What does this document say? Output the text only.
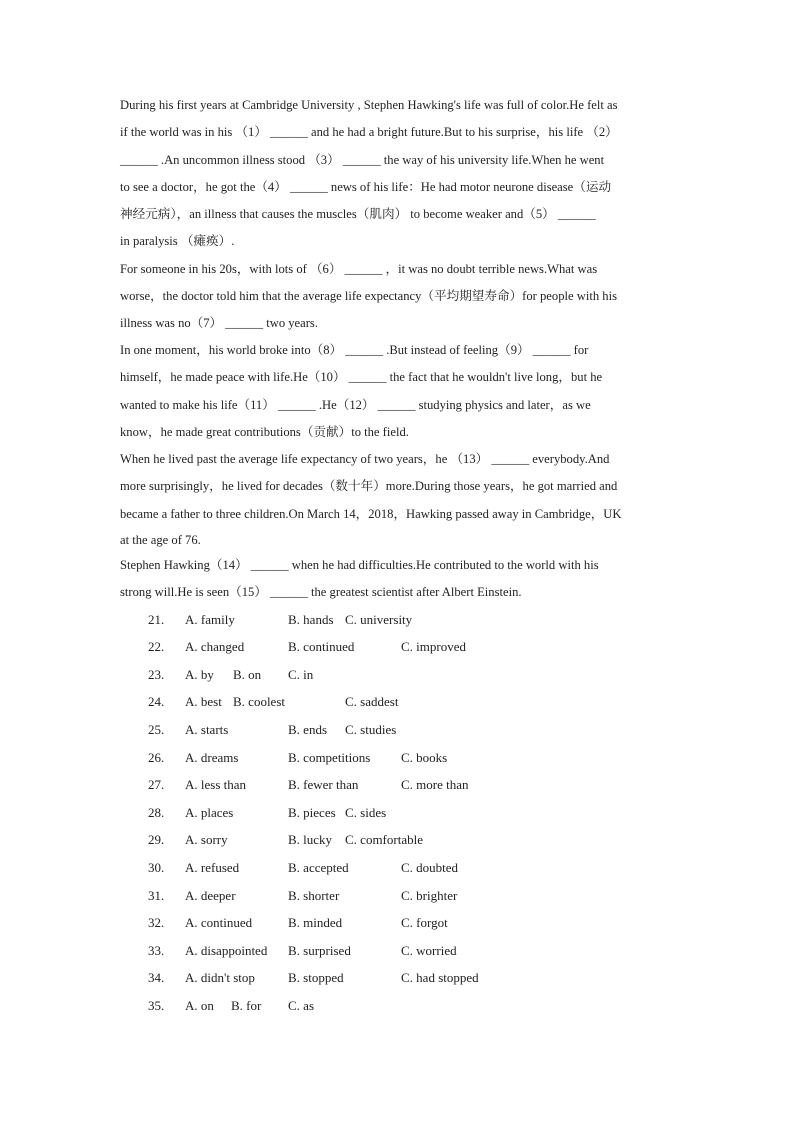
During his first years at Cambridge University , Stephen Hawking's life was full of color.He felt as
if the world was in his （1） ______ and he had a bright future.But to his surprise，his life （2）
______ .An uncommon illness stood （3） ______ the way of his university life.When he went
to see a doctor，he got the（4） ______ news of his life：He had motor neurone disease（运动
神经元病），an illness that causes the muscles（肌肉） to become weaker and（5） ______
in paralysis （瘫痪）.
For someone in his 20s，with lots of （6） ______ ，it was no doubt terrible news.What was
worse，the doctor told him that the average life expectancy（平均期望寿命）for people with his
illness was no（7） ______ two years.
In one moment，his world broke into（8） ______ .But instead of feeling（9） ______ for
himself，he made peace with life.He（10） ______ the fact that he wouldn't live long，but he
wanted to make his life（11） ______ .He（12） ______ studying physics and later，as we
know，he made great contributions（贡献）to the field.
When he lived past the average life expectancy of two years，he （13） ______ everybody.And
more surprisingly，he lived for decades（数十年）more.During those years，he got married and
became a father to three children.On March 14，2018，Hawking passed away in Cambridge，UK
at the age of 76.
Stephen Hawking（14） ______ when he had difficulties.He contributed to the world with his
strong will.He is seen（15） ______ the greatest scientist after Albert Einstein.
21. A. family	B. hands C. university
22. A. changed	B. continued	C. improved
23. A. by B. on C. in
24. A. best B. coolest	C. saddest
25. A. starts	B. ends C. studies
26. A. dreams	B. competitions C. books
27. A. less than	B. fewer than	C. more than
28. A. places	B. pieces C. sides
29. A. sorry	B. lucky C. comfortable
30. A. refused	B. accepted	C. doubted
31. A. deeper	B. shorter	C. brighter
32. A. continued	B. minded	C. forgot
33. A. disappointed B. surprised	C. worried
34. A. didn't stop	B. stopped	C. had stopped
35. A. on B. for C. as
